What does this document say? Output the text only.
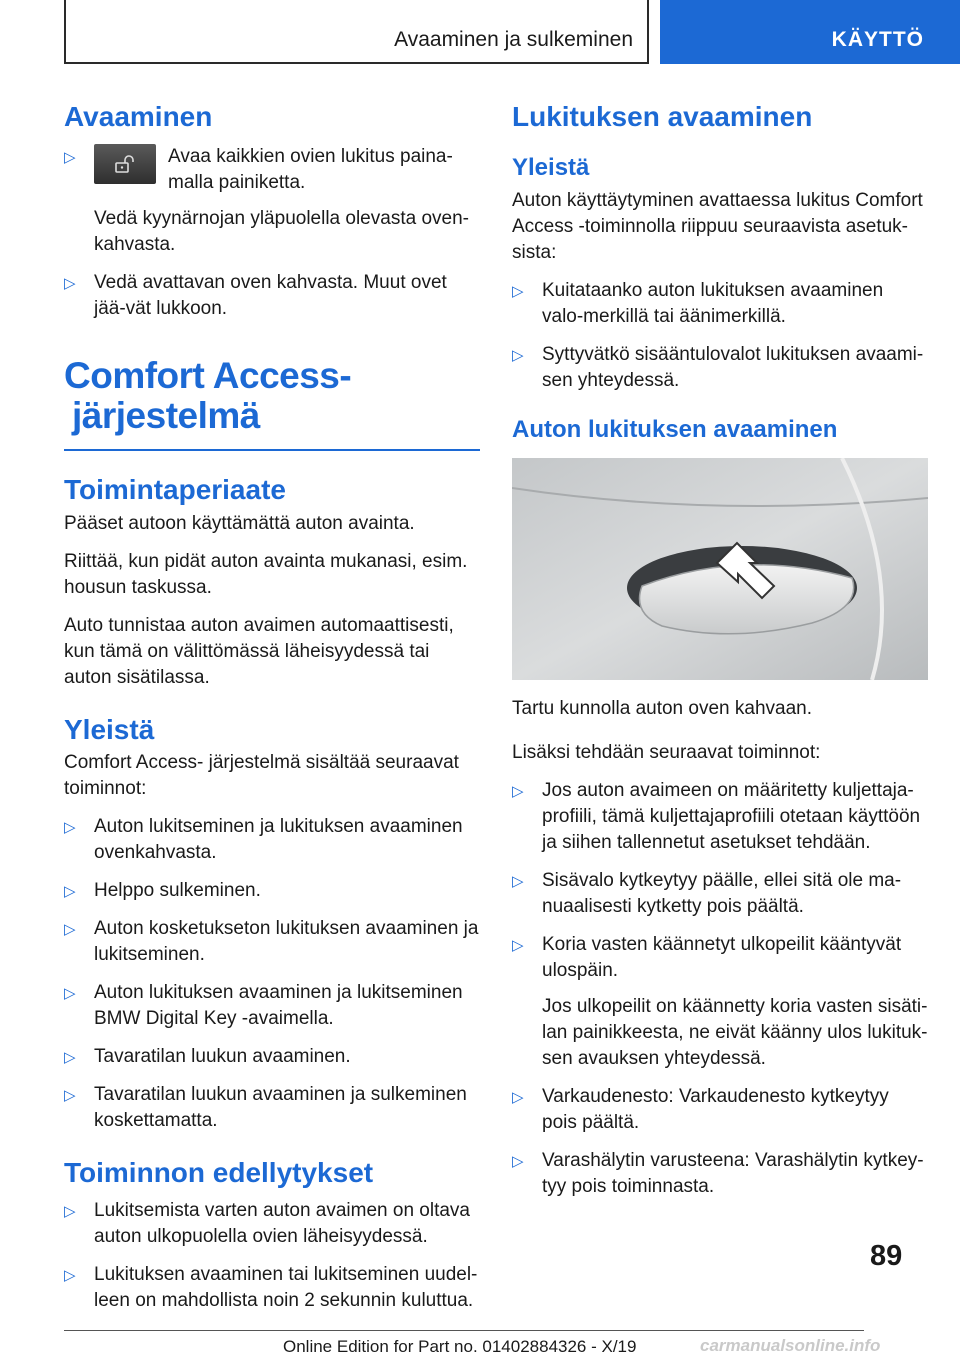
Avaaminen ja sulkeminen	KÄYTTÖ
Avaaminen
▷	Avaa kaikkien ovien lukitus paina‐malla painiketta.

Vedä kyynärnojan yläpuolella olevasta oven‐kahvasta.

▷ Vedä avattavan oven kahvasta. Muut ovet jää‐vät lukkoon.
Comfort Access-
järjestelmä
Toimintaperiaate

Pääset autoon käyttämättä auton avainta.

Riittää, kun pidät auton avainta mukanasi, esim. housun taskussa.

Auto tunnistaa auton avaimen automaattisesti, kun tämä on välittömässä läheisyydessä tai auton sisätilassa.

Yleistä

Comfort Access- järjestelmä sisältää seuraavat toiminnot:

▷ Auton lukitseminen ja lukituksen avaaminen ovenkahvasta.
▷ Helppo sulkeminen.
▷ Auton kosketukseton lukituksen avaaminen ja lukitseminen.
▷ Auton lukituksen avaaminen ja lukitseminen BMW Digital Key -avaimella.
▷ Tavaratilan luukun avaaminen.
▷ Tavaratilan luukun avaaminen ja sulkeminen koskettamatta.
Toiminnon edellytykset
▷ Lukitsemista varten auton avaimen on oltava auton ulkopuolella ovien läheisyydessä.
▷ Lukituksen avaaminen tai lukitseminen uudel‐leen on mahdollista noin 2 sekunnin kuluttua.
Lukituksen avaaminen
Yleistä

Auton käyttäytyminen avattaessa lukitus Comfort Access -toiminnolla riippuu seuraavista asetuk‐sista:

▷ Kuitataanko auton lukituksen avaaminen valo‐merkillä tai äänimerkillä.
▷ Syttyvätkö sisääntulovalot lukituksen avaami‐sen yhteydessä.
Auton lukituksen avaaminen

Tartu kunnolla auton oven kahvaan.

Lisäksi tehdään seuraavat toiminnot:

▷ Jos auton avaimeen on määritetty kuljettaja‐profiili, tämä kuljettajaprofiili otetaan käyttöön ja siihen tallennetut asetukset tehdään.
▷ Sisävalo kytkeytyy päälle, ellei sitä ole ma‐nuaalisesti kytketty pois päältä.
▷ Koria vasten käännetyt ulkopeilit kääntyvät ulospäin.

Jos ulkopeilit on käännetty koria vasten sisäti‐lan painikkeesta, ne eivät käänny ulos lukituk‐sen avauksen yhteydessä.

▷ Varkaudenesto: Varkaudenesto kytkeytyy pois päältä.
▷ Varashälytin varusteena: Varashälytin kytkey‐tyy pois toiminnasta.
89
Online Edition for Part no. 01402884326 - X/19	carmanualsonline.info
